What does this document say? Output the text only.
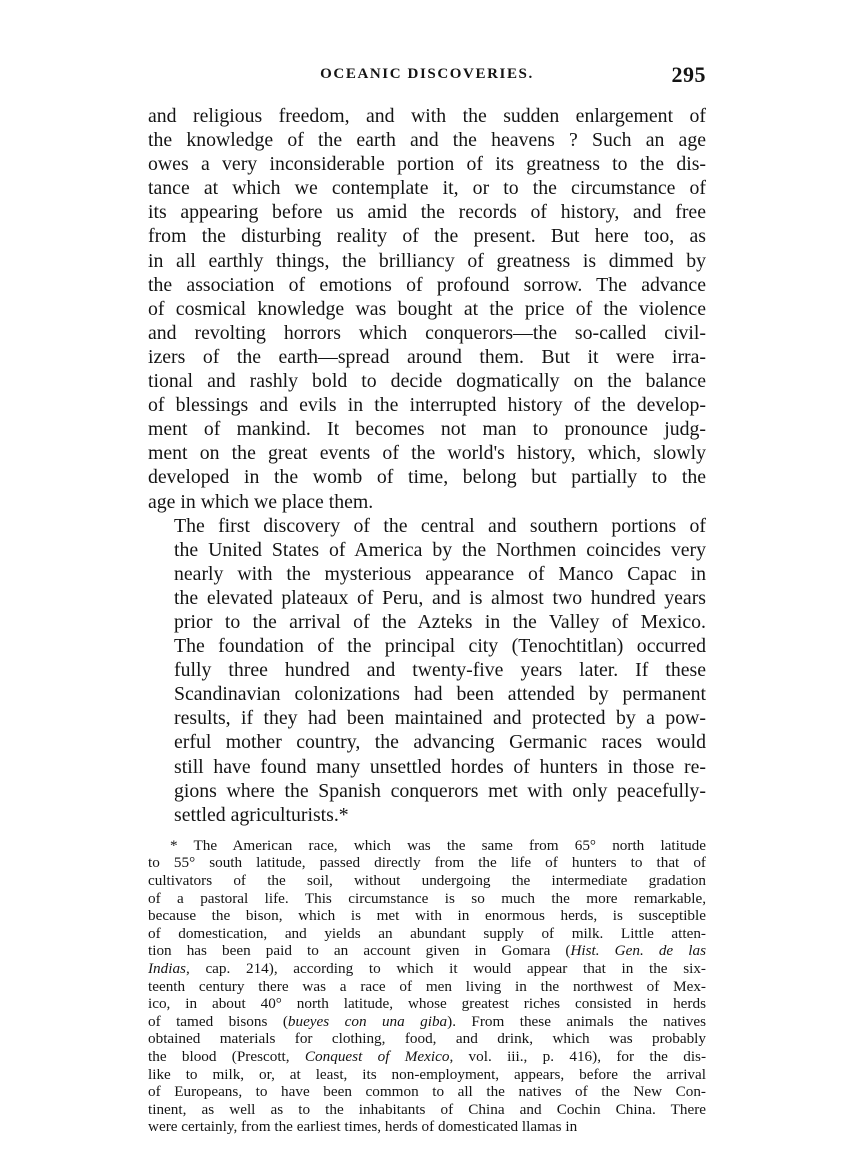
OCEANIC DISCOVERIES.	295

and religious freedom, and with the sudden enlargement of
the knowledge of the earth and the heavens ? Such an age
owes a very inconsiderable portion of its greatness to the dis-
tance at which we contemplate it, or to the circumstance of
its appearing before us amid the records of history, and free
from the disturbing reality of the present. But here too, as
in all earthly things, the brilliancy of greatness is dimmed by
the association of emotions of profound sorrow. The advance
of cosmical knowledge was bought at the price of the violence
and revolting horrors which conquerors—the so-called civil-
izers of the earth—spread around them. But it were irra-
tional and rashly bold to decide dogmatically on the balance
of blessings and evils in the interrupted history of the develop-
ment of mankind. It becomes not man to pronounce judg-
ment on the great events of the world's history, which, slowly
developed in the womb of time, belong but partially to the
age in which we place them.

The first discovery of the central and southern portions of
the United States of America by the Northmen coincides very
nearly with the mysterious appearance of Manco Capac in
the elevated plateaux of Peru, and is almost two hundred years
prior to the arrival of the Azteks in the Valley of Mexico.
The foundation of the principal city (Tenochtitlan) occurred
fully three hundred and twenty-five years later. If these
Scandinavian colonizations had been attended by permanent
results, if they had been maintained and protected by a pow-
erful mother country, the advancing Germanic races would
still have found many unsettled hordes of hunters in those re-
gions where the Spanish conquerors met with only peacefully-
settled agriculturists.*

* The American race, which was the same from 65° north latitude
to 55° south latitude, passed directly from the life of hunters to that of
cultivators of the soil, without undergoing the intermediate gradation
of a pastoral life. This circumstance is so much the more remarkable,
because the bison, which is met with in enormous herds, is susceptible
of domestication, and yields an abundant supply of milk. Little atten-
tion has been paid to an account given in Gomara (Hist. Gen. de las
Indias, cap. 214), according to which it would appear that in the six-
teenth century there was a race of men living in the northwest of Mex-
ico, in about 40° north latitude, whose greatest riches consisted in herds
of tamed bisons (bueyes con una giba). From these animals the natives
obtained materials for clothing, food, and drink, which was probably
the blood (Prescott, Conquest of Mexico, vol. iii., p. 416), for the dis-
like to milk, or, at least, its non-employment, appears, before the arrival
of Europeans, to have been common to all the natives of the New Con-
tinent, as well as to the inhabitants of China and Cochin China. There
were certainly, from the earliest times, herds of domesticated llamas in
